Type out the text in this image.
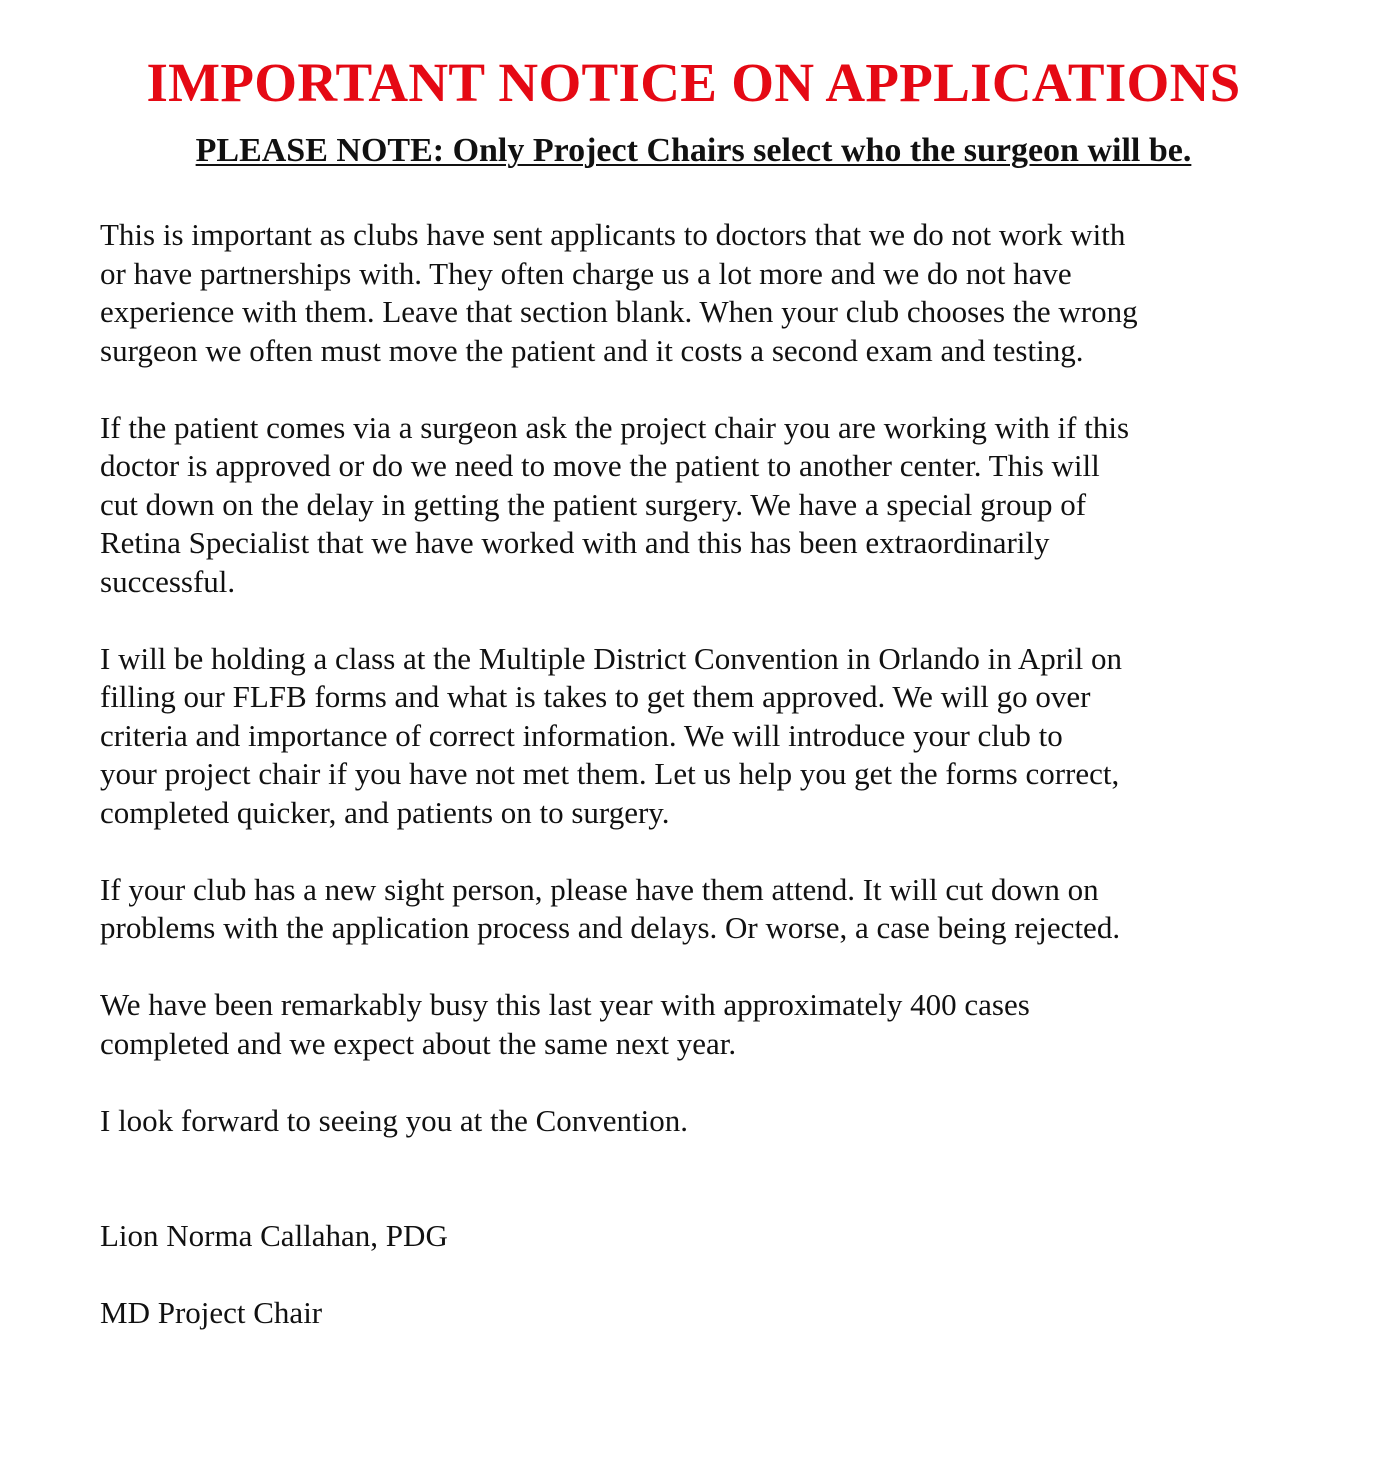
IMPORTANT NOTICE ON APPLICATIONS
PLEASE NOTE: Only Project Chairs select who the surgeon will be.

This is important as clubs have sent applicants to doctors that we do not work with
or have partnerships with. They often charge us a lot more and we do not have
experience with them. Leave that section blank. When your club chooses the wrong
surgeon we often must move the patient and it costs a second exam and testing.

If the patient comes via a surgeon ask the project chair you are working with if this
doctor is approved or do we need to move the patient to another center. This will
cut down on the delay in getting the patient surgery. We have a special group of
Retina Specialist that we have worked with and this has been extraordinarily
successful.

I will be holding a class at the Multiple District Convention in Orlando in April on
filling our FLFB forms and what is takes to get them approved. We will go over
criteria and importance of correct information. We will introduce your club to
your project chair if you have not met them. Let us help you get the forms correct,
completed quicker, and patients on to surgery.

If your club has a new sight person, please have them attend. It will cut down on
problems with the application process and delays. Or worse, a case being rejected.

We have been remarkably busy this last year with approximately 400 cases
completed and we expect about the same next year.

I look forward to seeing you at the Convention.

Lion Norma Callahan, PDG

MD Project Chair
